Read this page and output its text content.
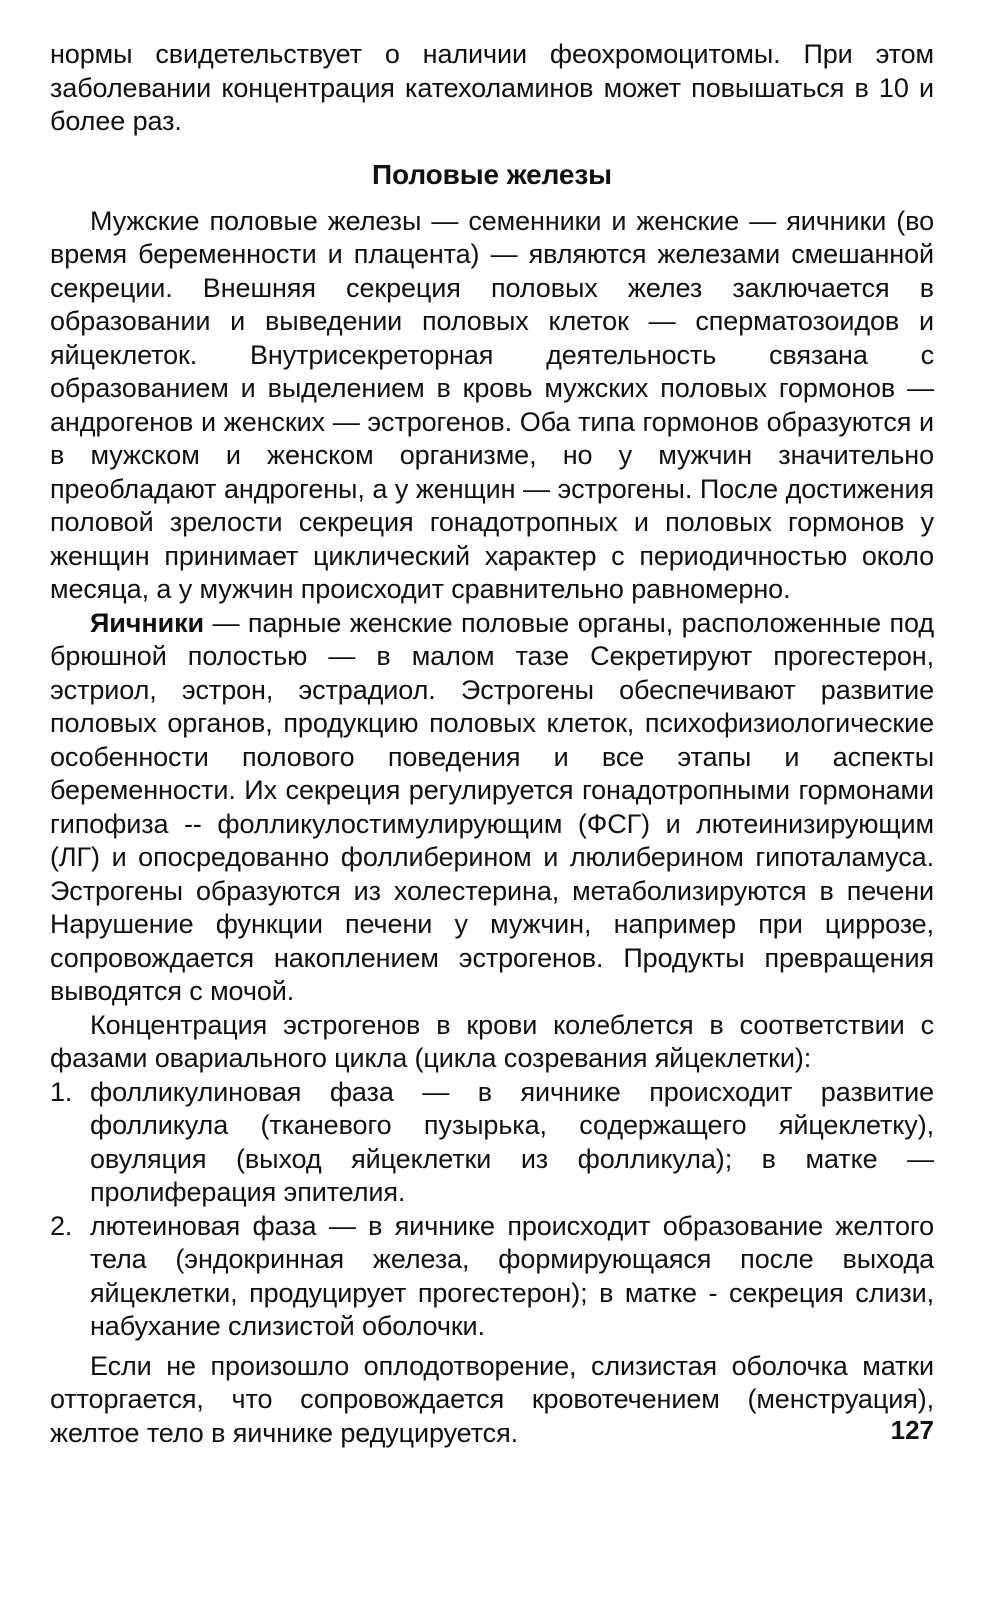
нормы свидетельствует о наличии феохромоцитомы. При этом заболевании концентрация катехоламинов может повышаться в 10 и более раз.

Половые железы

Мужские половые железы — семенники и женские — яичники (во время беременности и плацента) — являются железами смешанной секреции. Внешняя секреция половых желез заключается в образовании и выведении половых клеток — сперматозоидов и яйцеклеток. Внутрисекреторная деятельность связана с образованием и выделением в кровь мужских половых гормонов — андрогенов и женских — эстрогенов. Оба типа гормонов образуются и в мужском и женском организме, но у мужчин значительно преобладают андрогены, а у женщин — эстрогены. После достижения половой зрелости секреция гонадотропных и половых гормонов у женщин принимает циклический характер с периодичностью около месяца, а у мужчин происходит сравнительно равномерно.

Яичники — парные женские половые органы, расположенные под брюшной полостью — в малом тазе Секретируют прогестерон, эстриол, эстрон, эстрадиол. Эстрогены обеспечивают развитие половых органов, продукцию половых клеток, психофизиологические особенности полового поведения и все этапы и аспекты беременности. Их секреция регулируется гонадотропными гормонами гипофиза -- фолликулостимулирующим (ФСГ) и лютеинизирующим (ЛГ) и опосредованно фоллиберином и люлиберином гипоталамуса. Эстрогены образуются из холестерина, метаболизируются в печени Нарушение функции печени у мужчин, например при циррозе, сопровождается накоплением эстрогенов. Продукты превращения выводятся с мочой.

Концентрация эстрогенов в крови колеблется в соответствии с фазами овариального цикла (цикла созревания яйцеклетки):

1. фолликулиновая фаза — в яичнике происходит развитие фолликула (тканевого пузырька, содержащего яйцеклетку), овуляция (выход яйцеклетки из фолликула); в матке — пролиферация эпителия.
2. лютеиновая фаза — в яичнике происходит образование желтого тела (эндокринная железа, формирующаяся после выхода яйцеклетки, продуцирует прогестерон); в матке - секреция слизи, набухание слизистой оболочки.

Если не произошло оплодотворение, слизистая оболочка матки отторгается, что сопровождается кровотечением (менструация), желтое тело в яичнике редуцируется.	127
